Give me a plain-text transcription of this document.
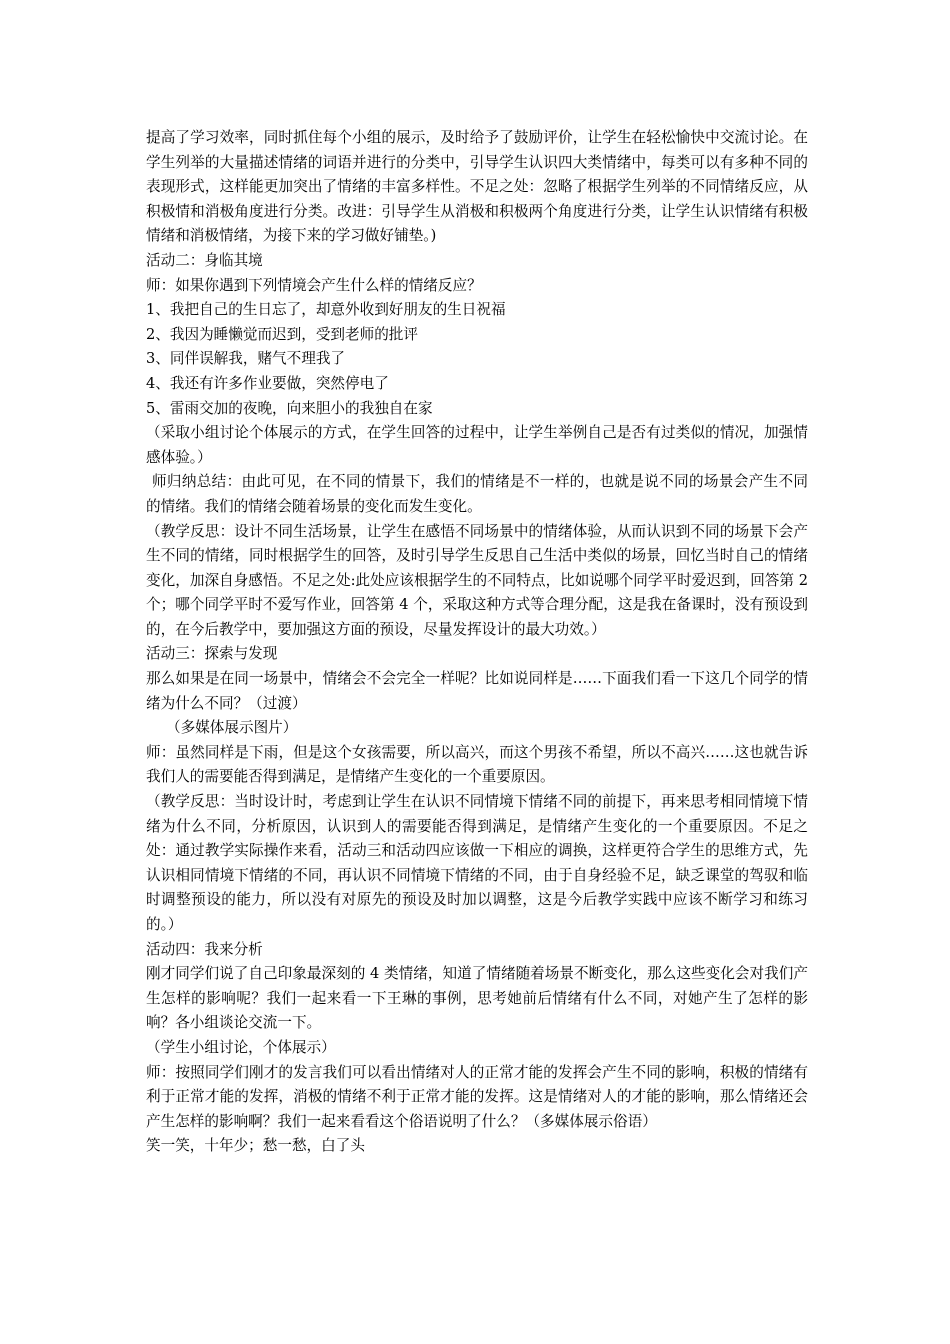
提高了学习效率，同时抓住每个小组的展示，及时给予了鼓励评价，让学生在轻松愉快中交流讨论。在学生列举的大量描述情绪的词语并进行的分类中，引导学生认识四大类情绪中，每类可以有多种不同的表现形式，这样能更加突出了情绪的丰富多样性。不足之处：忽略了根据学生列举的不同情绪反应，从积极情和消极角度进行分类。改进：引导学生从消极和积极两个角度进行分类，让学生认识情绪有积极情绪和消极情绪，为接下来的学习做好铺垫。)

活动二：身临其境

师：如果你遇到下列情境会产生什么样的情绪反应？

1、我把自己的生日忘了，却意外收到好朋友的生日祝福

2、我因为睡懒觉而迟到，受到老师的批评

3、同伴误解我，赌气不理我了

4、我还有许多作业要做，突然停电了

5、雷雨交加的夜晚，向来胆小的我独自在家

（采取小组讨论个体展示的方式，在学生回答的过程中，让学生举例自己是否有过类似的情况，加强情感体验。）

师归纳总结：由此可见，在不同的情景下，我们的情绪是不一样的，也就是说不同的场景会产生不同的情绪。我们的情绪会随着场景的变化而发生变化。

（教学反思：设计不同生活场景，让学生在感悟不同场景中的情绪体验，从而认识到不同的场景下会产生不同的情绪，同时根据学生的回答，及时引导学生反思自己生活中类似的场景，回忆当时自己的情绪变化，加深自身感悟。不足之处:此处应该根据学生的不同特点，比如说哪个同学平时爱迟到，回答第 2 个；哪个同学平时不爱写作业，回答第 4 个，采取这种方式等合理分配，这是我在备课时，没有预设到的，在今后教学中，要加强这方面的预设，尽量发挥设计的最大功效。）

活动三：探索与发现

那么如果是在同一场景中，情绪会不会完全一样呢？比如说同样是……下面我们看一下这几个同学的情绪为什么不同？（过渡）

（多媒体展示图片）

师：虽然同样是下雨，但是这个女孩需要，所以高兴，而这个男孩不希望，所以不高兴……这也就告诉我们人的需要能否得到满足，是情绪产生变化的一个重要原因。

（教学反思：当时设计时，考虑到让学生在认识不同情境下情绪不同的前提下，再来思考相同情境下情绪为什么不同，分析原因，认识到人的需要能否得到满足，是情绪产生变化的一个重要原因。不足之处：通过教学实际操作来看，活动三和活动四应该做一下相应的调换，这样更符合学生的思维方式，先认识相同情境下情绪的不同，再认识不同情境下情绪的不同，由于自身经验不足，缺乏课堂的驾驭和临时调整预设的能力，所以没有对原先的预设及时加以调整，这是今后教学实践中应该不断学习和练习的。）

活动四：我来分析

刚才同学们说了自己印象最深刻的 4 类情绪，知道了情绪随着场景不断变化，那么这些变化会对我们产生怎样的影响呢？我们一起来看一下王琳的事例，思考她前后情绪有什么不同，对她产生了怎样的影响？各小组谈论交流一下。

（学生小组讨论，个体展示）

师：按照同学们刚才的发言我们可以看出情绪对人的正常才能的发挥会产生不同的影响，积极的情绪有利于正常才能的发挥，消极的情绪不利于正常才能的发挥。这是情绪对人的才能的影响，那么情绪还会产生怎样的影响啊？我们一起来看看这个俗语说明了什么？（多媒体展示俗语）

笑一笑，十年少；愁一愁，白了头
